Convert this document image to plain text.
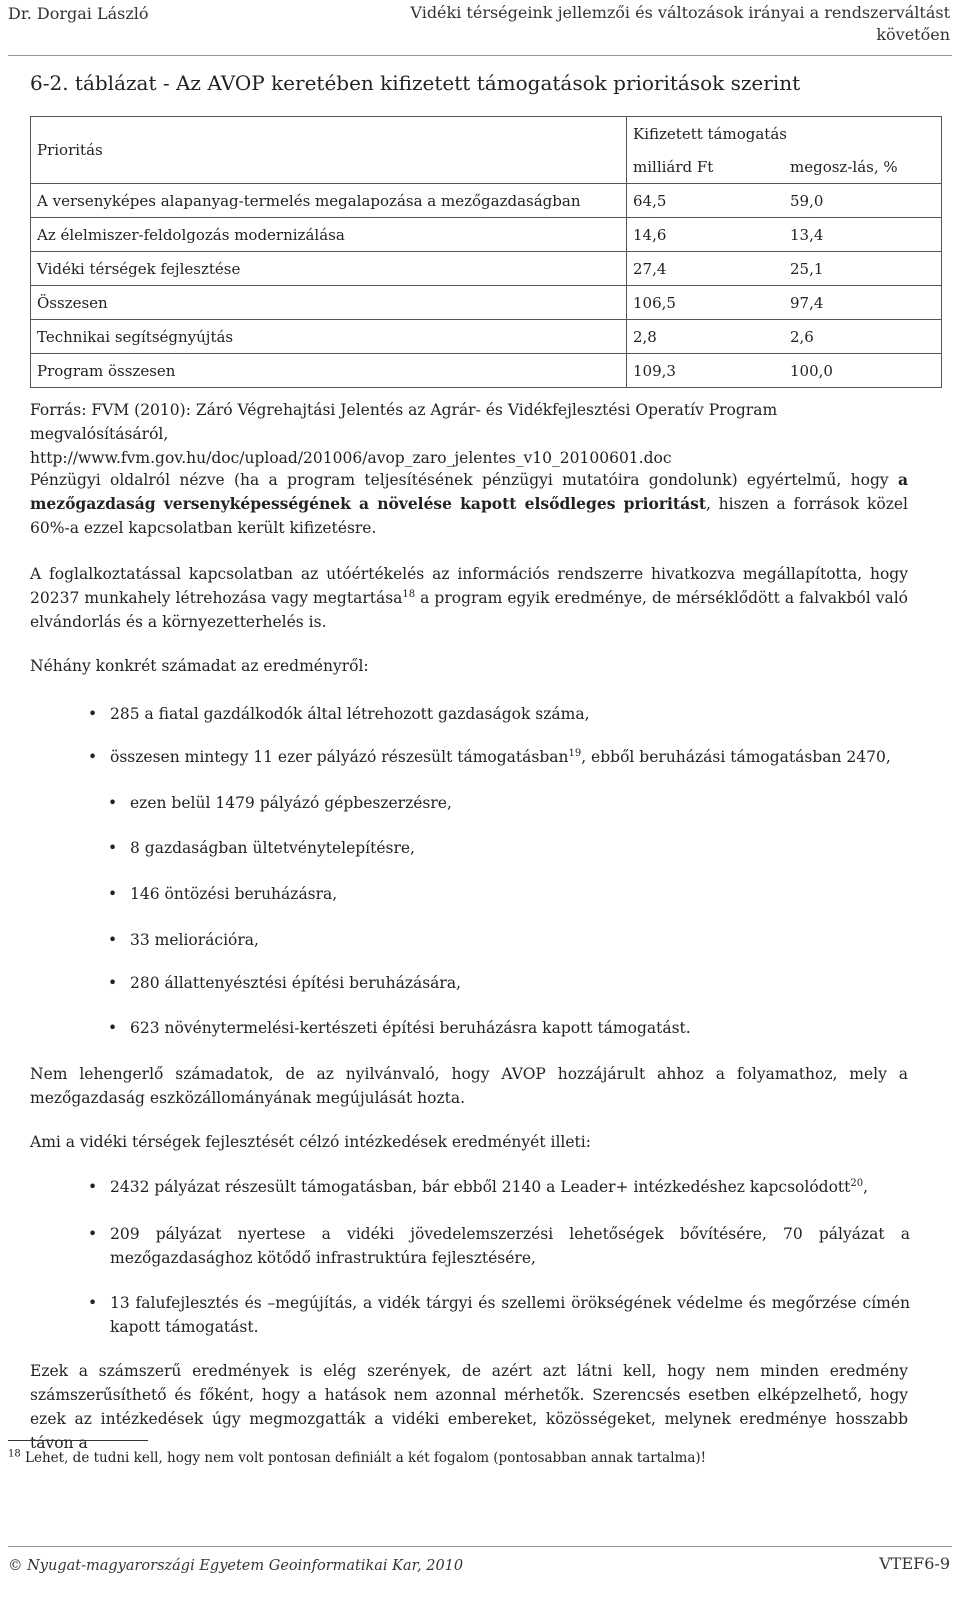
Dr. Dorgai László	Vidéki térségeink jellemzői és változások irányai a rendszerváltást követően
6-2. táblázat - Az AVOP keretében kifizetett támogatások prioritások szerint
Prioritás	Kifizetett támogatás	
	milliárd Ft	megosz-lás, %
A versenyképes alapanyag-termelés megalapozása a mezőgazdaságban	64,5	59,0
Az élelmiszer-feldolgozás modernizálása	14,6	13,4
Vidéki térségek fejlesztése	27,4	25,1
Összesen	106,5	97,4
Technikai segítségnyújtás	2,8	2,6
Program összesen	109,3	100,0
Forrás: FVM (2010): Záró Végrehajtási Jelentés az Agrár- és Vidékfejlesztési Operatív Program megvalósításáról,
http://www.fvm.gov.hu/doc/upload/201006/avop_zaro_jelentes_v10_20100601.doc
Pénzügyi oldalról nézve (ha a program teljesítésének pénzügyi mutatóira gondolunk) egyértelmű, hogy a mezőgazdaság versenyképességének a növelése kapott elsődleges prioritást, hiszen a források közel 60%-a ezzel kapcsolatban került kifizetésre.
A foglalkoztatással kapcsolatban az utóértékelés az információs rendszerre hivatkozva megállapította, hogy 20237 munkahely létrehozása vagy megtartása$^{18}$ a program egyik eredménye, de mérséklődött a falvakból való elvándorlás és a környezetterhelés is.
Néhány konkrét számadat az eredményről:
• 285 a fiatal gazdálkodók által létrehozott gazdaságok száma,
• összesen mintegy 11 ezer pályázó részesült támogatásban$^{19}$, ebből beruházási támogatásban 2470,
• ezen belül 1479 pályázó gépbeszerzésre,
• 8 gazdaságban ültetvénytelepítésre,
• 146 öntözési beruházásra,
• 33 meliorációra,
• 280 állattenyésztési építési beruházására,
• 623 növénytermelési-kertészeti építési beruházásra kapott támogatást.
Nem lehengerlő számadatok, de az nyilvánvaló, hogy AVOP hozzájárult ahhoz a folyamathoz, mely a mezőgazdaság eszközállományának megújulását hozta.
Ami a vidéki térségek fejlesztését célzó intézkedések eredményét illeti:
• 2432 pályázat részesült támogatásban, bár ebből 2140 a Leader+ intézkedéshez kapcsolódott$^{20}$,
• 209 pályázat nyertese a vidéki jövedelemszerzési lehetőségek bővítésére, 70 pályázat a mezőgazdasághoz kötődő infrastruktúra fejlesztésére,
• 13 falufejlesztés és –megújítás, a vidék tárgyi és szellemi örökségének védelme és megőrzése címén kapott támogatást.
Ezek a számszerű eredmények is elég szerények, de azért azt látni kell, hogy nem minden eredmény számszerűsíthető és főként, hogy a hatások nem azonnal mérhetők. Szerencsés esetben elképzelhető, hogy ezek az intézkedések úgy megmozgatták a vidéki embereket, közösségeket, melynek eredménye hosszabb távon a
$^{18}$ Lehet, de tudni kell, hogy nem volt pontosan definiált a két fogalom (pontosabban annak tartalma)!
© Nyugat-magyarországi Egyetem Geoinformatikai Kar, 2010	VTEF6-9
